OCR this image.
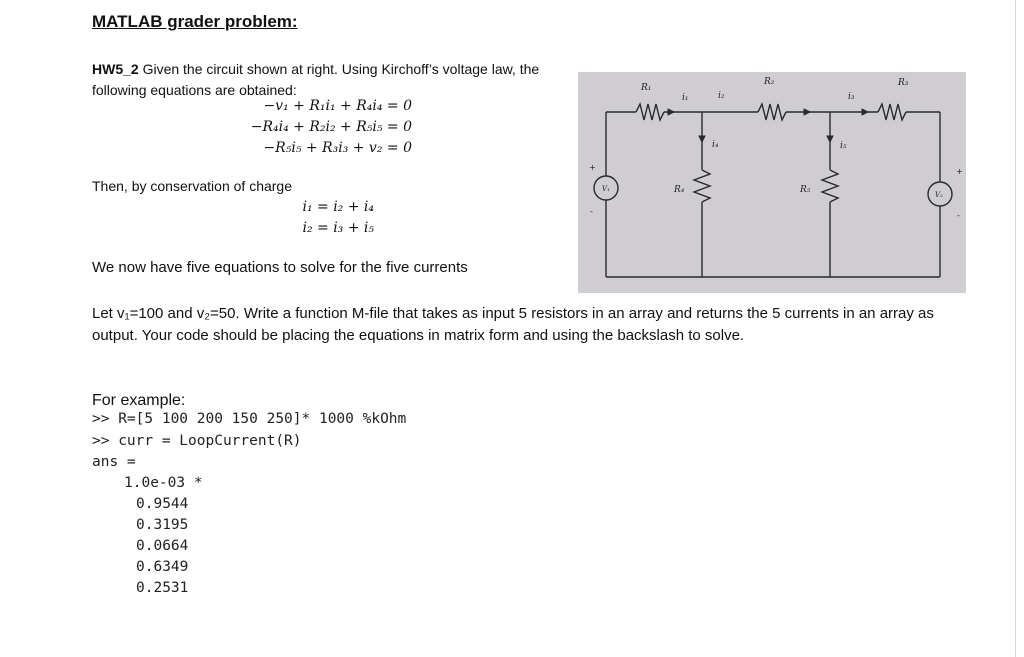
MATLAB grader problem:
HW5_2 Given the circuit shown at right. Using Kirchoff’s voltage law, the following equations are obtained:
−v₁ + R₁i₁ + R₄i₄ = 0
−R₄i₄ + R₂i₂ + R₅i₅ = 0
−R₅i₅ + R₃i₃ + v₂ = 0
Then, by conservation of charge
i₁ = i₂ + i₄
i₂ = i₃ + i₅
We now have five equations to solve for the five currents
Let v₁=100 and v₂=50. Write a function M-file that takes as input 5 resistors in an array and returns the 5 currents in an array as output. Your code should be placing the equations in matrix form and using the backslash to solve.
For example:
>> R=[5 100 200 150 250]* 1000 %kOhm
>> curr = LoopCurrent(R)
ans =
1.0e-03 *
0.9544
0.3195
0.0664
0.6349
0.2531
R₁
R₂	R₃
R₄	R₅
i₁	i₂	i₃
i₄	i₅
V₁
V₂
+
-
+
-
